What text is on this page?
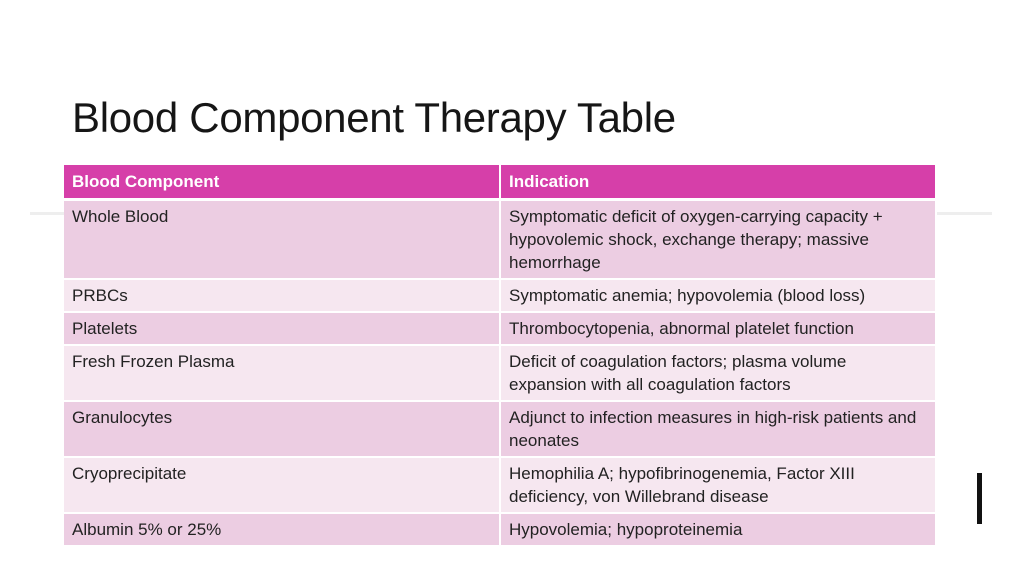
Blood Component Therapy Table
Blood Component	Indication
Whole Blood	Symptomatic deficit of oxygen-carrying capacity + hypovolemic shock, exchange therapy; massive hemorrhage
PRBCs	Symptomatic anemia; hypovolemia (blood loss)
Platelets	Thrombocytopenia, abnormal platelet function
Fresh Frozen Plasma	Deficit of coagulation factors; plasma volume expansion with all coagulation factors
Granulocytes	Adjunct to infection measures in high-risk patients and neonates
Cryoprecipitate	Hemophilia A; hypofibrinogenemia, Factor XIII deficiency, von Willebrand disease
Albumin 5% or 25%	Hypovolemia; hypoproteinemia
